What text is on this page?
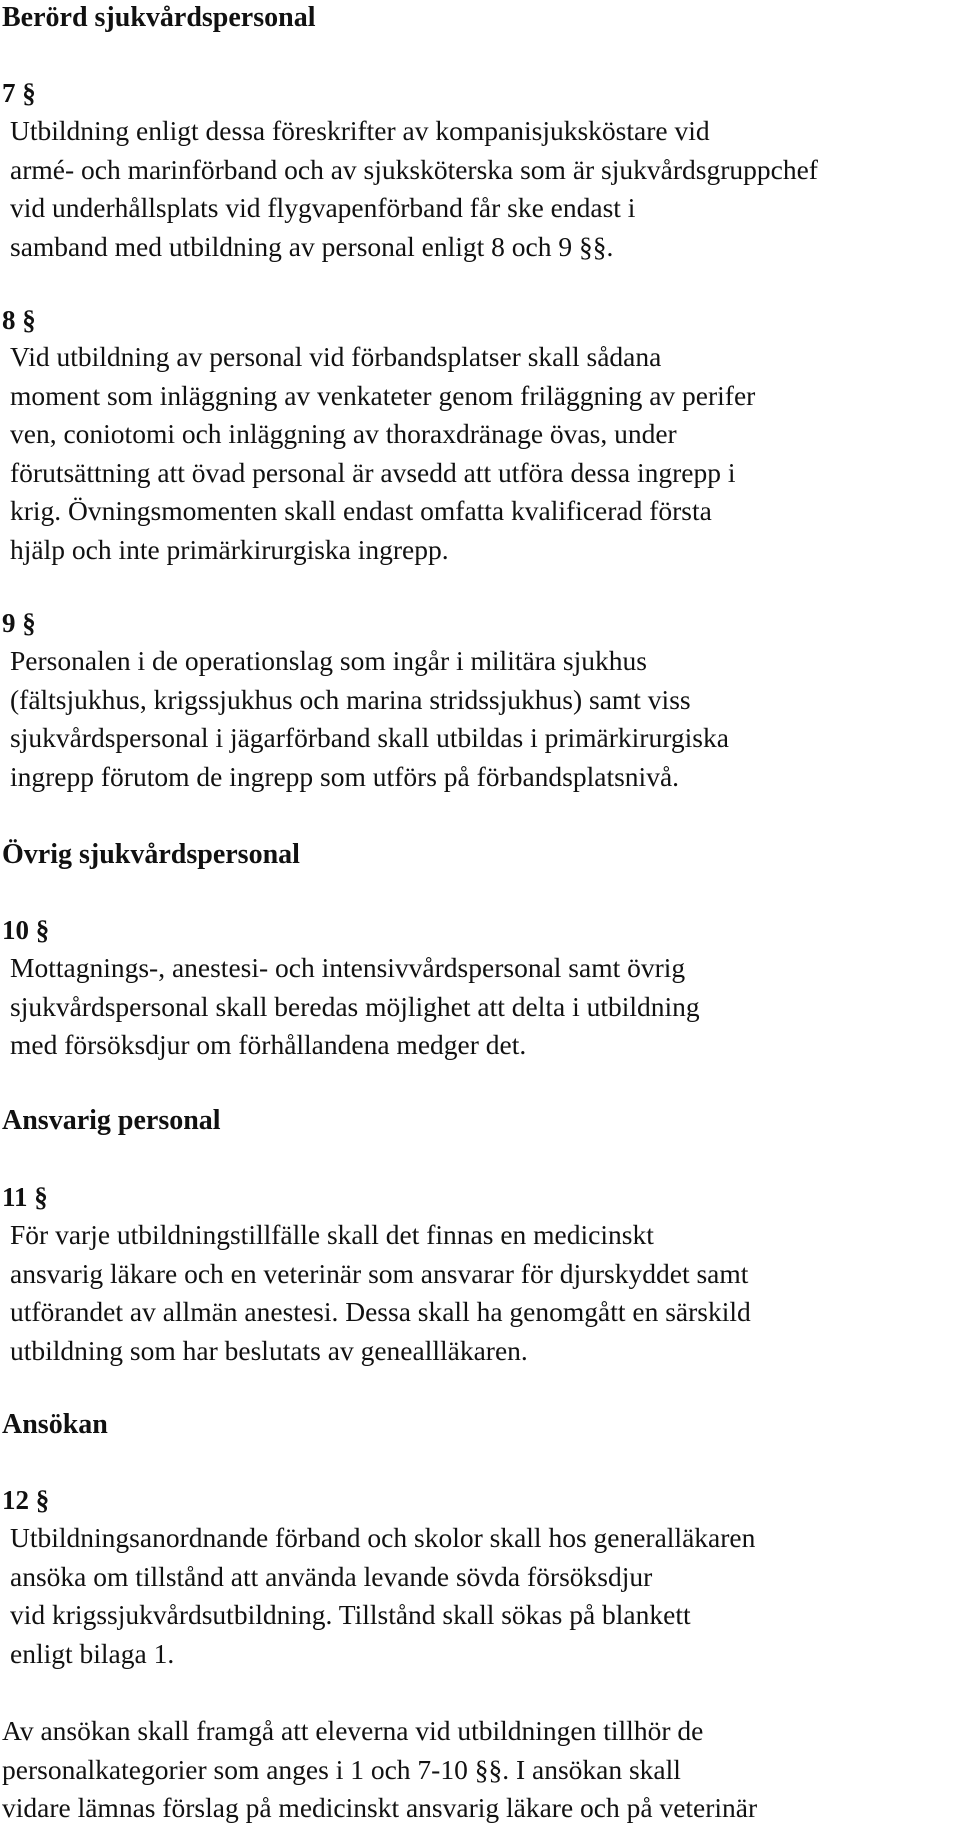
Berörd sjukvårdspersonal
7 §

Utbildning enligt dessa föreskrifter av kompanisjuksköstare vid
armé- och marinförband och av sjuksköterska som är sjukvårdsgruppchef
vid underhållsplats vid flygvapenförband får ske endast i
samband med utbildning av personal enligt 8 och 9 §§.

8 §

Vid utbildning av personal vid förbandsplatser skall sådana
moment som inläggning av venkateter genom friläggning av perifer
ven, coniotomi och inläggning av thoraxdränage övas, under
förutsättning att övad personal är avsedd att utföra dessa ingrepp i
krig. Övningsmomenten skall endast omfatta kvalificerad första
hjälp och inte primärkirurgiska ingrepp.

9 §

Personalen i de operationslag som ingår i militära sjukhus
(fältsjukhus, krigssjukhus och marina stridssjukhus) samt viss
sjukvårdspersonal i jägarförband skall utbildas i primärkirurgiska
ingrepp förutom de ingrepp som utförs på förbandsplatsnivå.

Övrig sjukvårdspersonal
10 §

Mottagnings-, anestesi- och intensivvårdspersonal samt övrig
sjukvårdspersonal skall beredas möjlighet att delta i utbildning
med försöksdjur om förhållandena medger det.

Ansvarig personal
11 §

För varje utbildningstillfälle skall det finnas en medicinskt
ansvarig läkare och en veterinär som ansvarar för djurskyddet samt
utförandet av allmän anestesi. Dessa skall ha genomgått en särskild
utbildning som har beslutats av geneallläkaren.

Ansökan
12 §

Utbildningsanordnande förband och skolor skall hos generalläkaren
ansöka om tillstånd att använda levande sövda försöksdjur
vid krigssjukvårdsutbildning. Tillstånd skall sökas på blankett
enligt bilaga 1.

Av ansökan skall framgå att eleverna vid utbildningen tillhör de
personalkategorier som anges i 1 och 7-10 §§. I ansökan skall
vidare lämnas förslag på medicinskt ansvarig läkare och på veterinär
